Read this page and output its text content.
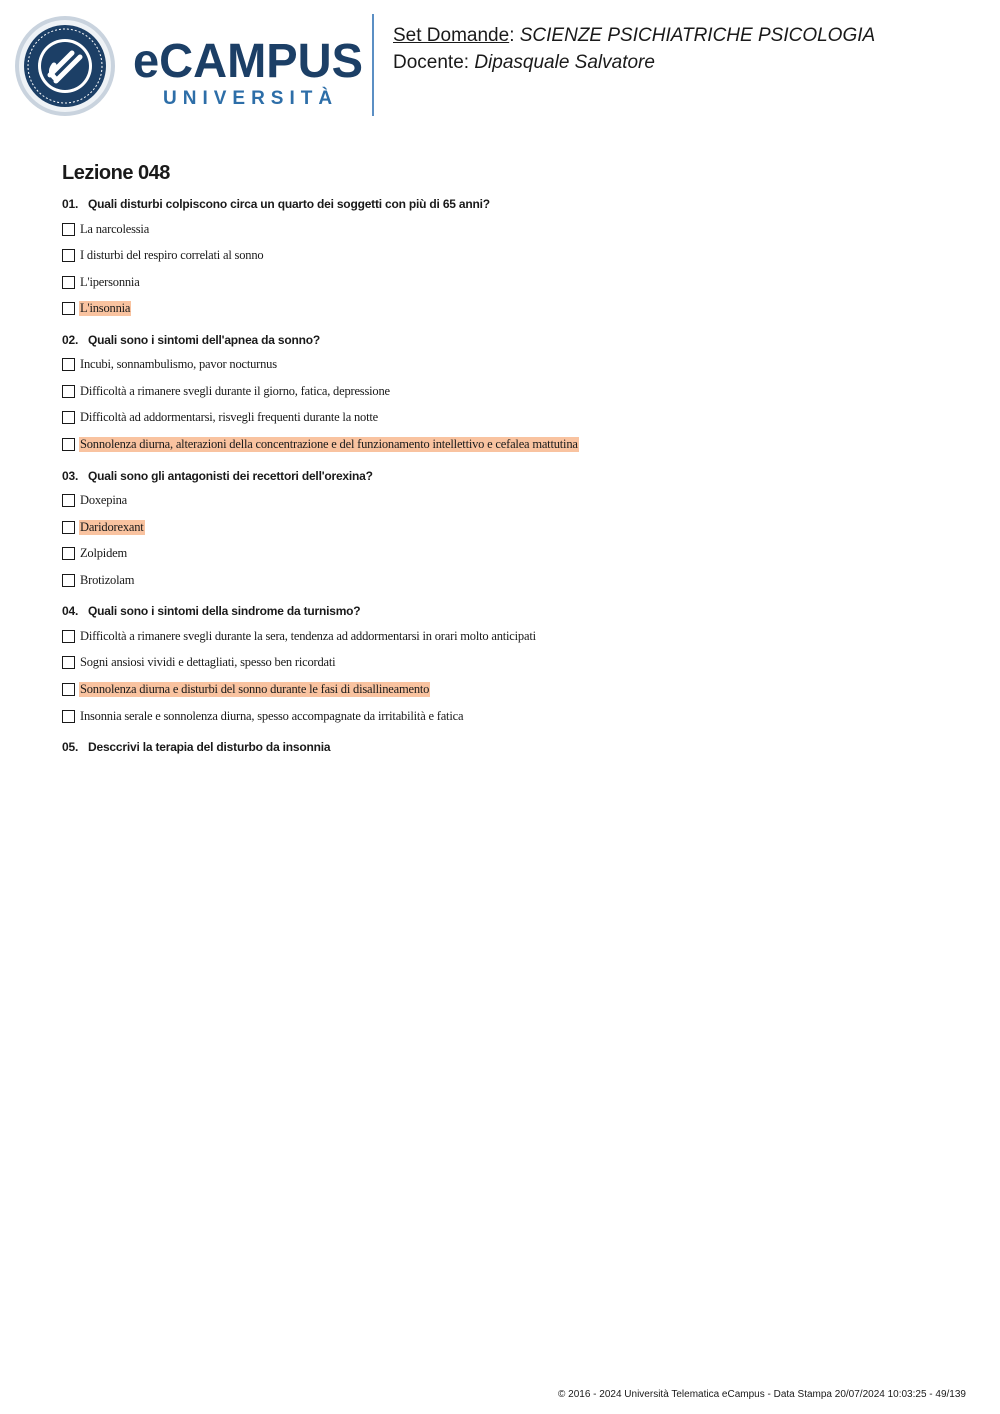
eCAMPUS
UNIVERSITÀ
Set Domande: SCIENZE PSICHIATRICHE PSICOLOGIA
Docente: Dipasquale Salvatore
Lezione 048
01. Quali disturbi colpiscono circa un quarto dei soggetti con più di 65 anni?
La narcolessia
I disturbi del respiro correlati al sonno
L'ipersonnia
L'insonnia
02. Quali sono i sintomi dell'apnea da sonno?
Incubi, sonnambulismo, pavor nocturnus
Difficoltà a rimanere svegli durante il giorno, fatica, depressione
Difficoltà ad addormentarsi, risvegli frequenti durante la notte
Sonnolenza diurna, alterazioni della concentrazione e del funzionamento intellettivo e cefalea mattutina
03. Quali sono gli antagonisti dei recettori dell'orexina?
Doxepina
Daridorexant
Zolpidem
Brotizolam
04. Quali sono i sintomi della sindrome da turnismo?
Difficoltà a rimanere svegli durante la sera, tendenza ad addormentarsi in orari molto anticipati
Sogni ansiosi vividi e dettagliati, spesso ben ricordati
Sonnolenza diurna e disturbi del sonno durante le fasi di disallineamento
Insonnia serale e sonnolenza diurna, spesso accompagnate da irritabilità e fatica
05. Desccrivi la terapia del disturbo da insonnia
© 2016 - 2024 Università Telematica eCampus - Data Stampa 20/07/2024 10:03:25 - 49/139
